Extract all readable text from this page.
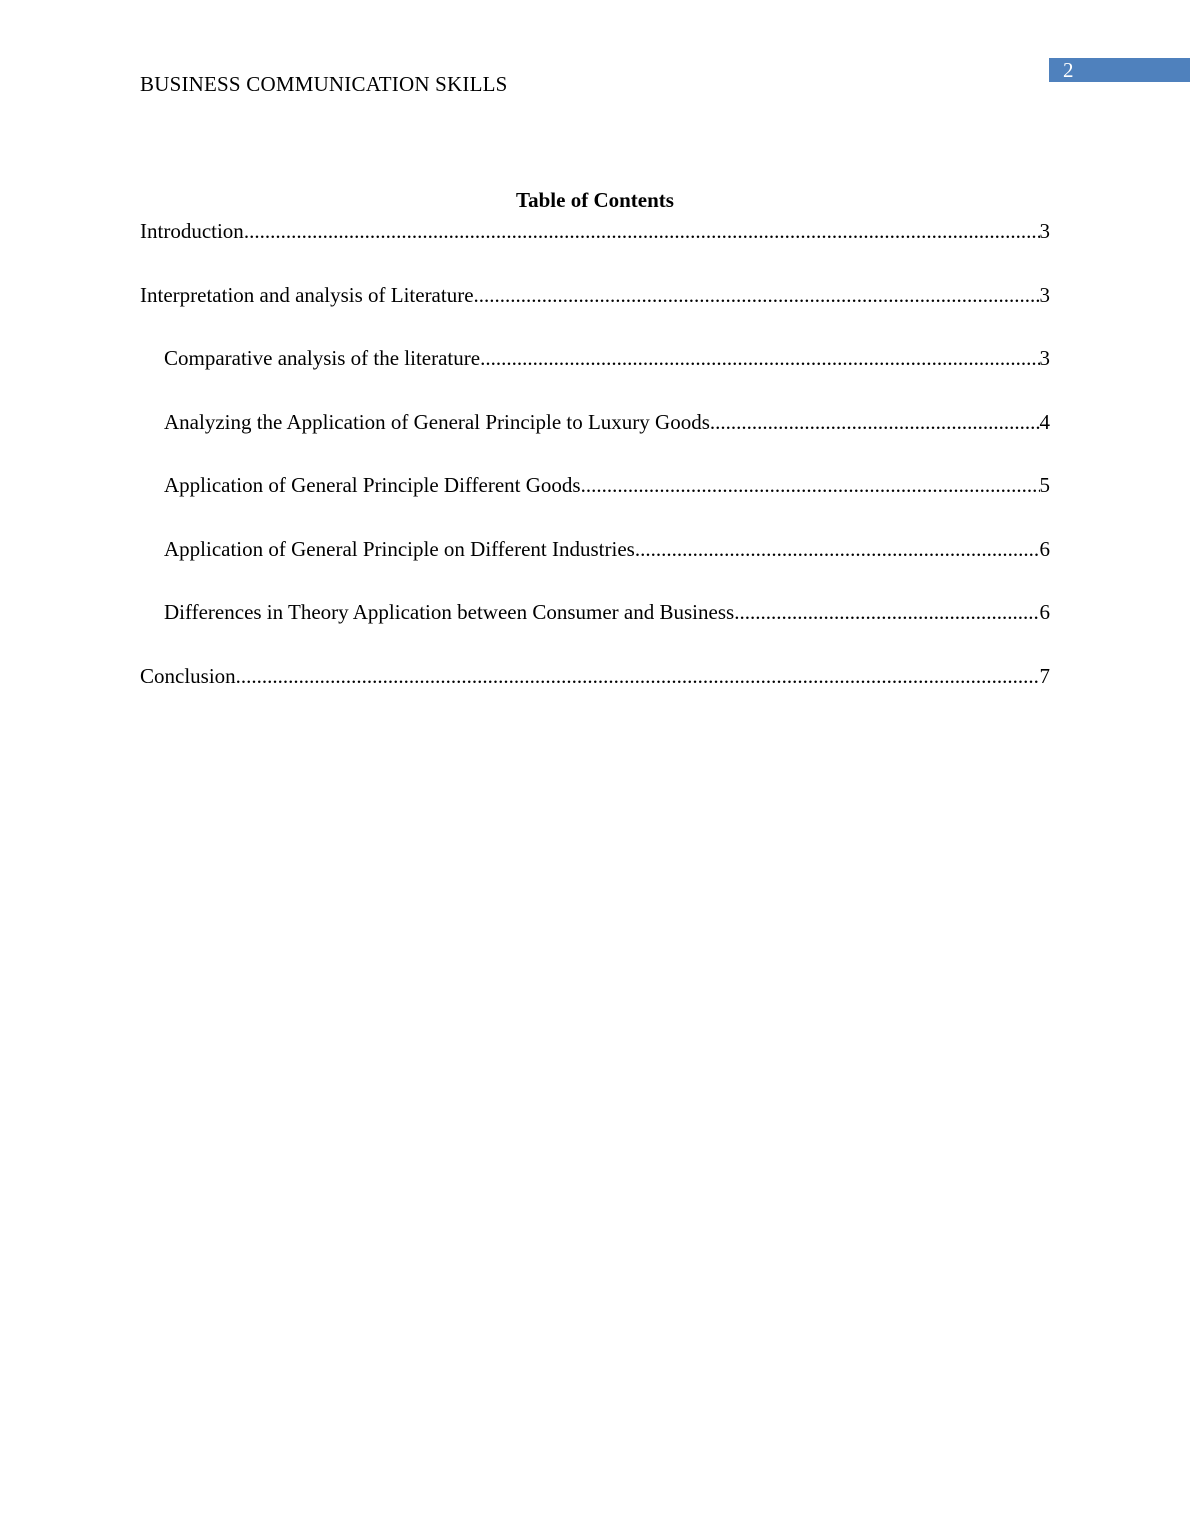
2
BUSINESS COMMUNICATION SKILLS
Table of Contents
Introduction .....	3
Interpretation and analysis of Literature .....	3
Comparative analysis of the literature .....	3
Analyzing the Application of General Principle to Luxury Goods .....	4
Application of General Principle Different Goods .....	5
Application of General Principle on Different Industries .....	6
Differences in Theory Application between Consumer and Business .....	6
Conclusion .....	7
